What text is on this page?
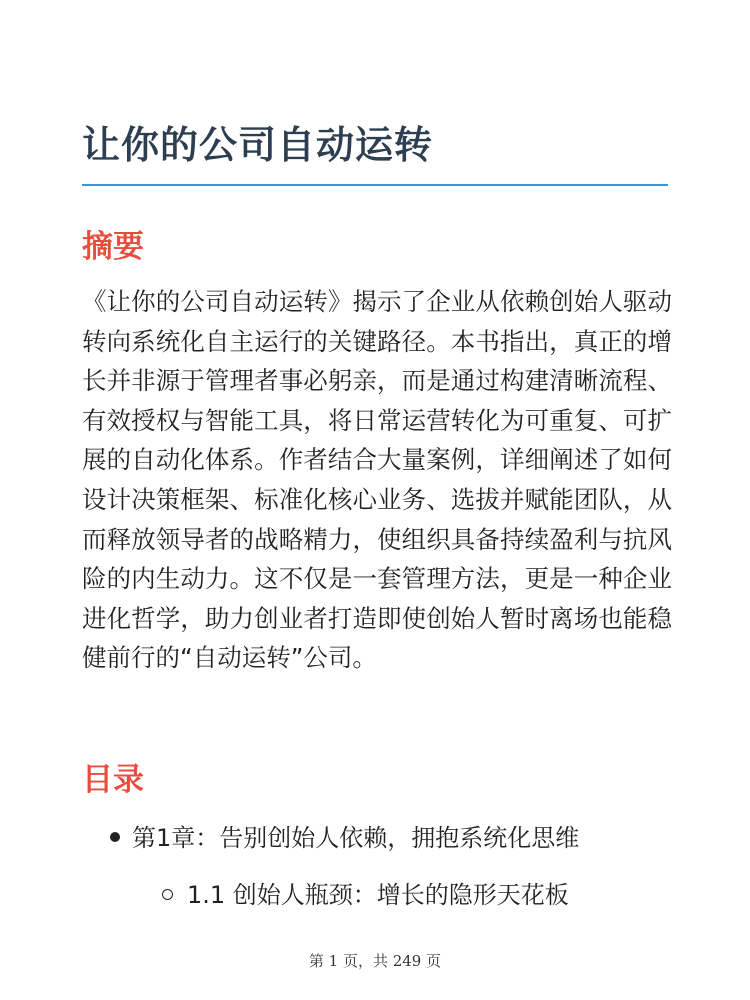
让你的公司自动运转
摘要

《让你的公司自动运转》揭示了企业从依赖创始人驱动转向系统化自主运行的关键路径。本书指出，真正的增长并非源于管理者事必躬亲，而是通过构建清晰流程、有效授权与智能工具，将日常运营转化为可重复、可扩展的自动化体系。作者结合大量案例，详细阐述了如何设计决策框架、标准化核心业务、选拔并赋能团队，从而释放领导者的战略精力，使组织具备持续盈利与抗风险的内生动力。这不仅是一套管理方法，更是一种企业进化哲学，助力创业者打造即使创始人暂时离场也能稳健前行的“自动运转”公司。

目录
第1章：告别创始人依赖，拥抱系统化思维
1.1 创始人瓶颈：增长的隐形天花板
第 1 页，共 249 页
